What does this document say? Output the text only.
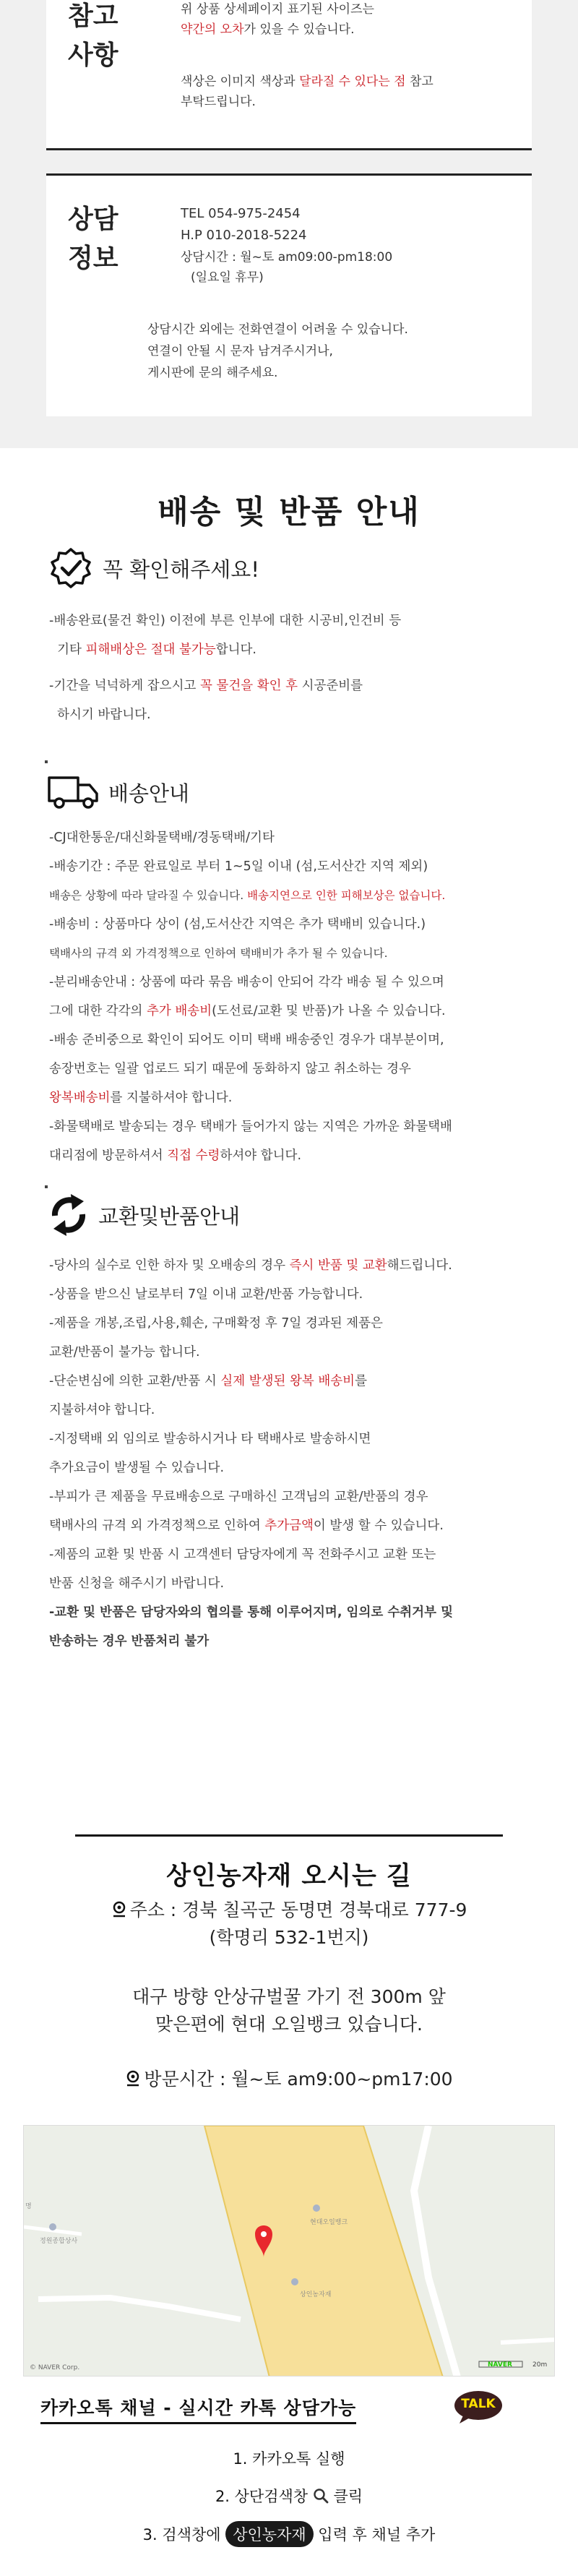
참고
사항
위 상품 상세페이지 표기된 사이즈는
약간의 오차가 있을 수 있습니다.
색상은 이미지 색상과 달라질 수 있다는 점 참고
부탁드립니다.
상담
정보
TEL 054-975-2454
H.P 010-2018-5224
상담시간 : 월~토 am09:00-pm18:00
(일요일 휴무)
상담시간 외에는 전화연결이 어려울 수 있습니다.
연결이 안될 시 문자 남겨주시거나,
게시판에 문의 해주세요.
배송 및 반품 안내
꼭 확인해주세요!
-배송완료(물건 확인) 이전에 부른 인부에 대한 시공비,인건비 등
기타 피해배상은 절대 불가능합니다.
-기간을 넉넉하게 잡으시고 꼭 물건을 확인 후 시공준비를
하시기 바랍니다.
배송안내
-CJ대한통운/대신화물택배/경동택배/기타
-배송기간 : 주문 완료일로 부터 1~5일 이내 (섬,도서산간 지역 제외)
배송은 상황에 따라 달라질 수 있습니다. 배송지연으로 인한 피해보상은 없습니다.
-배송비 : 상품마다 상이 (섬,도서산간 지역은 추가 택배비 있습니다.)
택배사의 규격 외 가격정책으로 인하여 택배비가 추가 될 수 있습니다.
-분리배송안내 : 상품에 따라 묶음 배송이 안되어 각각 배송 될 수 있으며
그에 대한 각각의 추가 배송비(도선료/교환 및 반품)가 나올 수 있습니다.
-배송 준비중으로 확인이 되어도 이미 택배 배송중인 경우가 대부분이며,
송장번호는 일괄 업로드 되기 때문에 동화하지 않고 취소하는 경우
왕복배송비를 지불하셔야 합니다.
-화물택배로 발송되는 경우 택배가 들어가지 않는 지역은 가까운 화물택배
대리점에 방문하셔서 직접 수령하셔야 합니다.
교환및반품안내
-당사의 실수로 인한 하자 및 오배송의 경우 즉시 반품 및 교환해드립니다.
-상품을 받으신 날로부터 7일 이내 교환/반품 가능합니다.
-제품을 개봉,조립,사용,훼손, 구매확정 후 7일 경과된 제품은
교환/반품이 불가능 합니다.
-단순변심에 의한 교환/반품 시 실제 발생된 왕복 배송비를
지불하셔야 합니다.
-지정택배 외 임의로 발송하시거나 타 택배사로 발송하시면
추가요금이 발생될 수 있습니다.
-부피가 큰 제품을 무료배송으로 구매하신 고객님의 교환/반품의 경우
택배사의 규격 외 가격정책으로 인하여 추가금액이 발생 할 수 있습니다.
-제품의 교환 및 반품 시 고객센터 담당자에게 꼭 전화주시고 교환 또는
반품 신청을 해주시기 바랍니다.
-교환 및 반품은 담당자와의 협의를 통해 이루어지며, 임의로 수취거부 및
반송하는 경우 반품처리 불가
상인농자재 오시는 길
주소 : 경북 칠곡군 동명면 경북대로 777-9
(학명리 532-1번지)
대구 방향 안상규벌꿀 가기 전 300m 앞
맞은편에 현대 오일뱅크 있습니다.
방문시간 : 월~토 am9:00~pm17:00
현대오일뱅크
상인농자재
정원종합상사
명
© NAVER Corp.	NAVER	20m
카카오톡 채널 - 실시간 카톡 상담가능	TALK
1. 카카오톡 실행
2. 상단검색창  클릭
3. 검색창에 상인농자재 입력 후 채널 추가
